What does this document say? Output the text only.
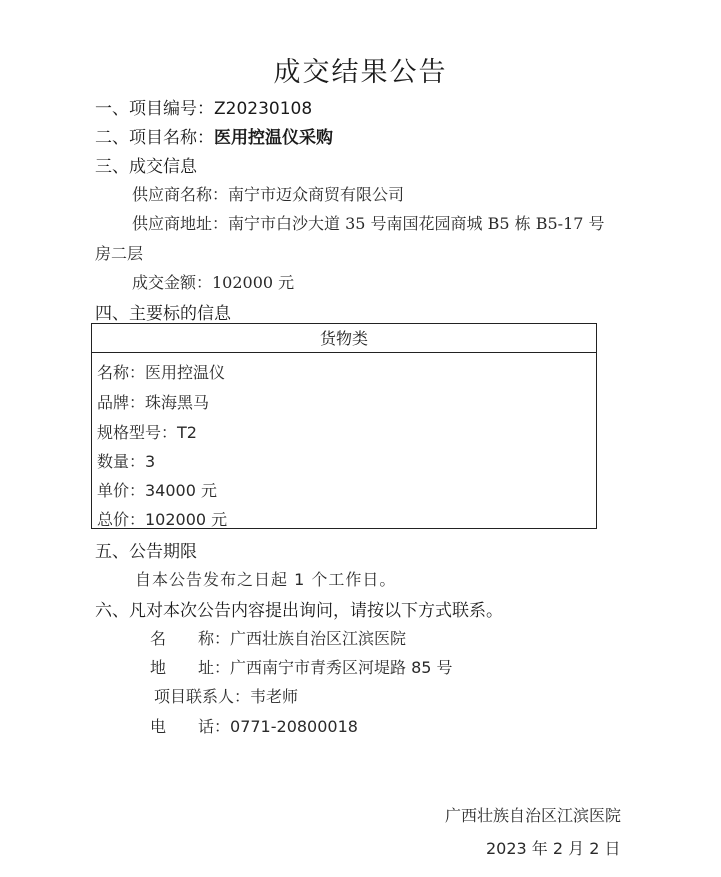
成交结果公告
一、项目编号：Z20230108
二、项目名称：医用控温仪采购
三、成交信息
供应商名称：南宁市迈众商贸有限公司
供应商地址：南宁市白沙大道 35 号南国花园商城 B5 栋 B5-17 号
房二层
成交金额：102000 元
四、主要标的信息
货物类
名称：医用控温仪
品牌：珠海黑马
规格型号：T2
数量：3
单价：34000 元
总价：102000 元
五、公告期限
自本公告发布之日起 1 个工作日。
六、凡对本次公告内容提出询问，请按以下方式联系。
名　　称：广西壮族自治区江滨医院
地　　址：广西南宁市青秀区河堤路 85 号
项目联系人：韦老师
电　　话：0771-20800018
广西壮族自治区江滨医院
2023 年 2 月 2 日
